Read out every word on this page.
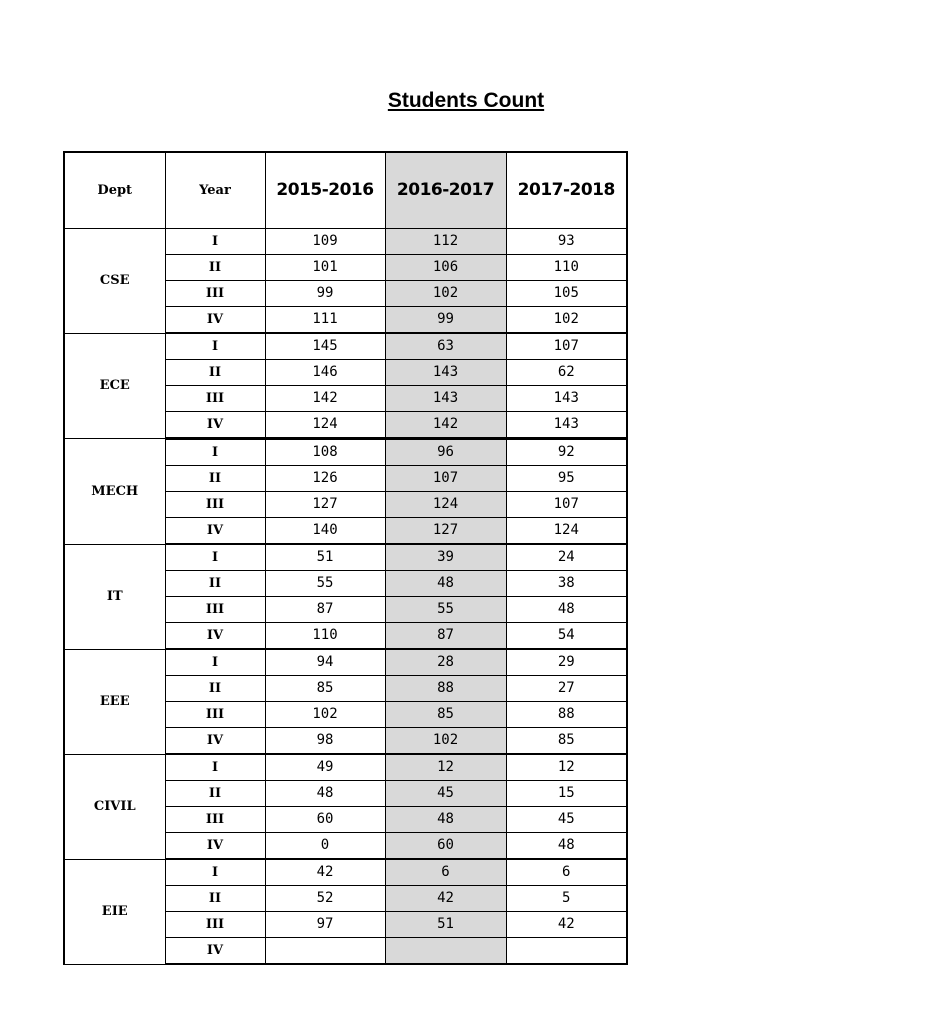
Students Count
Dept	Year	2015-2016	2016-2017	2017-2018
CSE	I	109	112	93
	II	101	106	110
	III	99	102	105
	IV	111	99	102
ECE	I	145	63	107
	II	146	143	62
	III	142	143	143
	IV	124	142	143
MECH	I	108	96	92
	II	126	107	95
	III	127	124	107
	IV	140	127	124
IT	I	51	39	24
	II	55	48	38
	III	87	55	48
	IV	110	87	54
EEE	I	94	28	29
	II	85	88	27
	III	102	85	88
	IV	98	102	85
CIVIL	I	49	12	12
	II	48	45	15
	III	60	48	45
	IV	0	60	48
EIE	I	42	6	6
	II	52	42	5
	III	97	51	42
	IV			
